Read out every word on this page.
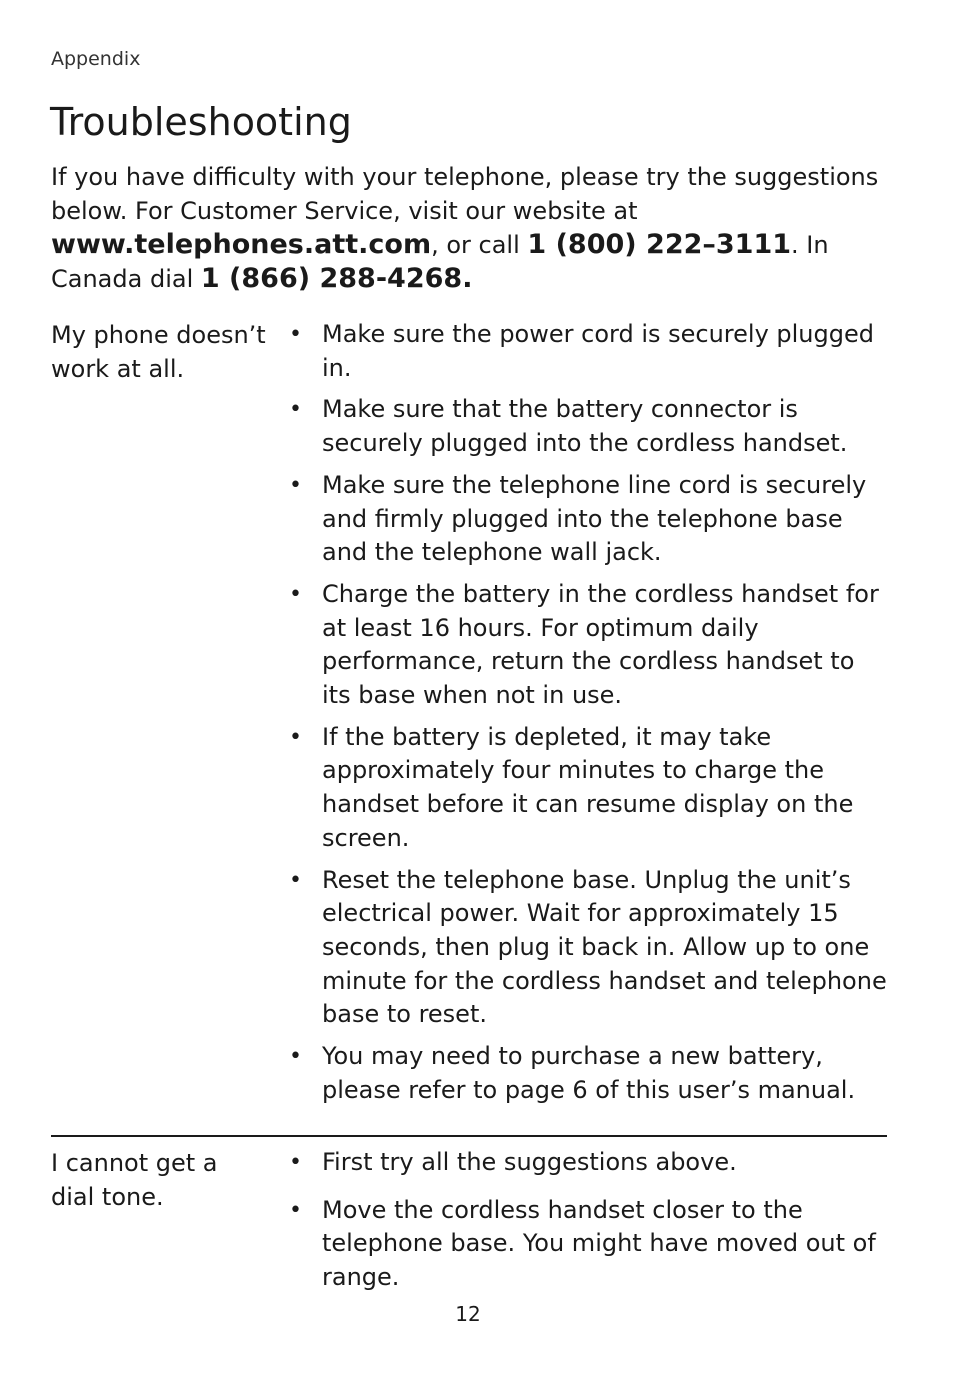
Appendix
Troubleshooting
If you have difficulty with your telephone, please try the suggestions below. For Customer Service, visit our website at www.telephones.att.com, or call 1 (800) 222–3111. In Canada dial 1 (866) 288-4268.
My phone doesn’t work at all.
• Make sure the power cord is securely plugged in.
• Make sure that the battery connector is securely plugged into the cordless handset.
• Make sure the telephone line cord is securely and firmly plugged into the telephone base and the telephone wall jack.
• Charge the battery in the cordless handset for at least 16 hours. For optimum daily performance, return the cordless handset to its base when not in use.
• If the battery is depleted, it may take approximately four minutes to charge the handset before it can resume display on the screen.
• Reset the telephone base. Unplug the unit’s electrical power. Wait for approximately 15 seconds, then plug it back in. Allow up to one minute for the cordless handset and telephone base to reset.
• You may need to purchase a new battery, please refer to page 6 of this user’s manual.
I cannot get a dial tone.
• First try all the suggestions above.
• Move the cordless handset closer to the telephone base. You might have moved out of range.
12
